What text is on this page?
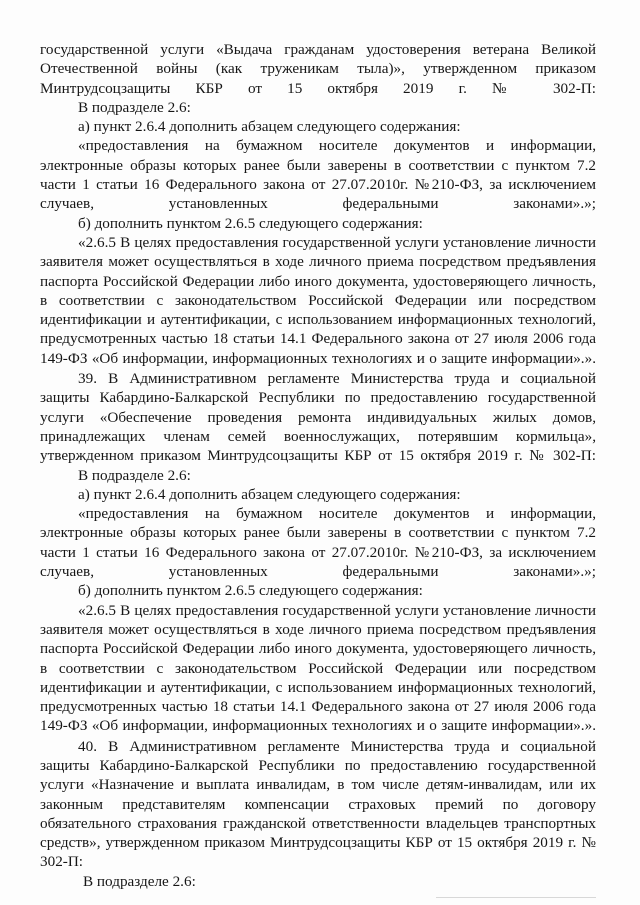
государственной услуги «Выдача гражданам удостоверения ветерана Великой Отечественной войны (как труженикам тыла)», утвержденном приказом Минтрудсоцзащиты КБР от 15 октября 2019 г. № 302-П:

В подразделе 2.6:

а) пункт 2.6.4 дополнить абзацем следующего содержания:

«предоставления на бумажном носителе документов и информации, электронные образы которых ранее были заверены в соответствии с пунктом 7.2 части 1 статьи 16 Федерального закона от 27.07.2010г. №210-ФЗ, за исключением случаев, установленных федеральными законами».»;

б) дополнить пунктом 2.6.5 следующего содержания:

«2.6.5 В целях предоставления государственной услуги установление личности заявителя может осуществляться в ходе личного приема посредством предъявления паспорта Российской Федерации либо иного документа, удостоверяющего личность, в соответствии с законодательством Российской Федерации или посредством идентификации и аутентификации, с использованием информационных технологий, предусмотренных частью 18 статьи 14.1 Федерального закона от 27 июля 2006 года 149-ФЗ «Об информации, информационных технологиях и о защите информации».».

39. В Административном регламенте Министерства труда и социальной защиты Кабардино-Балкарской Республики по предоставлению государственной услуги «Обеспечение проведения ремонта индивидуальных жилых домов, принадлежащих членам семей военнослужащих, потерявшим кормильца», утвержденном приказом Минтрудсоцзащиты КБР от 15 октября 2019 г. № 302-П:

В подразделе 2.6:

а) пункт 2.6.4 дополнить абзацем следующего содержания:

«предоставления на бумажном носителе документов и информации, электронные образы которых ранее были заверены в соответствии с пунктом 7.2 части 1 статьи 16 Федерального закона от 27.07.2010г. №210-ФЗ, за исключением случаев, установленных федеральными законами».»;

б) дополнить пунктом 2.6.5 следующего содержания:

«2.6.5 В целях предоставления государственной услуги установление личности заявителя может осуществляться в ходе личного приема посредством предъявления паспорта Российской Федерации либо иного документа, удостоверяющего личность, в соответствии с законодательством Российской Федерации или посредством идентификации и аутентификации, с использованием информационных технологий, предусмотренных частью 18 статьи 14.1 Федерального закона от 27 июля 2006 года 149-ФЗ «Об информации, информационных технологиях и о защите информации».».

40. В Административном регламенте Министерства труда и социальной защиты Кабардино-Балкарской Республики по предоставлению государственной услуги «Назначение и выплата инвалидам, в том числе детям-инвалидам, или их законным представителям компенсации страховых премий по договору обязательного страхования гражданской ответственности владельцев транспортных средств», утвержденном приказом Минтрудсоцзащиты КБР от 15 октября 2019 г. № 302-П:

В подразделе 2.6:
